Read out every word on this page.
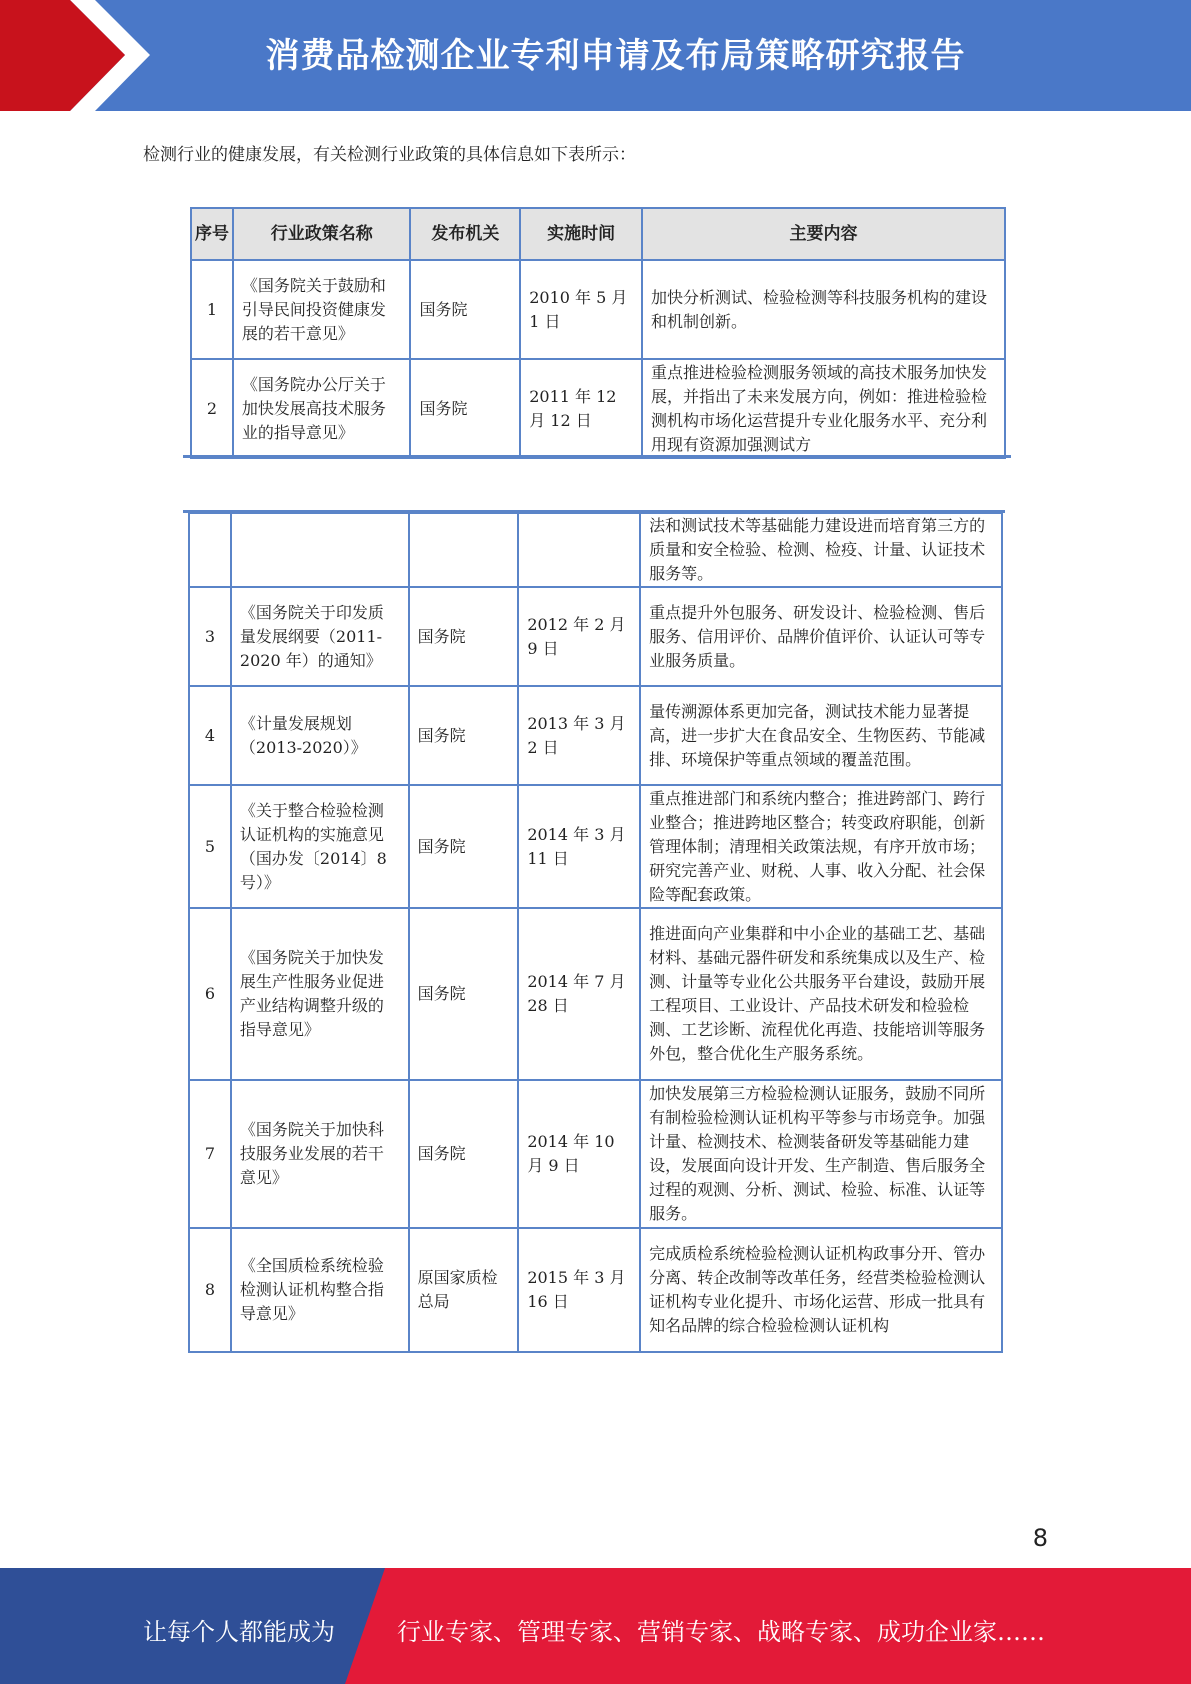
消费品检测企业专利申请及布局策略研究报告
检测行业的健康发展，有关检测行业政策的具体信息如下表所示：
序号	行业政策名称	发布机关	实施时间	主要内容
1	《国务院关于鼓励和引导民间投资健康发展的若干意见》	国务院	2010 年 5 月 1 日	加快分析测试、检验检测等科技服务机构的建设和机制创新。
2	《国务院办公厅关于加快发展高技术服务业的指导意见》	国务院	2011 年 12 月 12 日	重点推进检验检测服务领域的高技术服务加快发展，并指出了未来发展方向，例如：推进检验检测机构市场化运营提升专业化服务水平、充分利用现有资源加强测试方
				法和测试技术等基础能力建设进而培育第三方的质量和安全检验、检测、检疫、计量、认证技术服务等。
3	《国务院关于印发质量发展纲要（2011-2020 年）的通知》	国务院	2012 年 2 月 9 日	重点提升外包服务、研发设计、检验检测、售后服务、信用评价、品牌价值评价、认证认可等专业服务质量。
4	《计量发展规划（2013-2020）》	国务院	2013 年 3 月 2 日	量传溯源体系更加完备，测试技术能力显著提高，进一步扩大在食品安全、生物医药、节能减排、环境保护等重点领域的覆盖范围。
5	《关于整合检验检测认证机构的实施意见（国办发〔2014〕8 号）》	国务院	2014 年 3 月 11 日	重点推进部门和系统内整合；推进跨部门、跨行业整合；推进跨地区整合；转变政府职能，创新管理体制；清理相关政策法规，有序开放市场；研究完善产业、财税、人事、收入分配、社会保险等配套政策。
6	《国务院关于加快发展生产性服务业促进产业结构调整升级的指导意见》	国务院	2014 年 7 月 28 日	推进面向产业集群和中小企业的基础工艺、基础材料、基础元器件研发和系统集成以及生产、检测、计量等专业化公共服务平台建设，鼓励开展工程项目、工业设计、产品技术研发和检验检测、工艺诊断、流程优化再造、技能培训等服务外包，整合优化生产服务系统。
7	《国务院关于加快科技服务业发展的若干意见》	国务院	2014 年 10 月 9 日	加快发展第三方检验检测认证服务，鼓励不同所有制检验检测认证机构平等参与市场竞争。加强计量、检测技术、检测装备研发等基础能力建设，发展面向设计开发、生产制造、售后服务全过程的观测、分析、测试、检验、标准、认证等服务。
8	《全国质检系统检验检测认证机构整合指导意见》	原国家质检总局	2015 年 3 月 16 日	完成质检系统检验检测认证机构政事分开、管办分离、转企改制等改革任务，经营类检验检测认证机构专业化提升、市场化运营、形成一批具有知名品牌的综合检验检测认证机构
8
让每个人都能成为	行业专家、管理专家、营销专家、战略专家、成功企业家……
